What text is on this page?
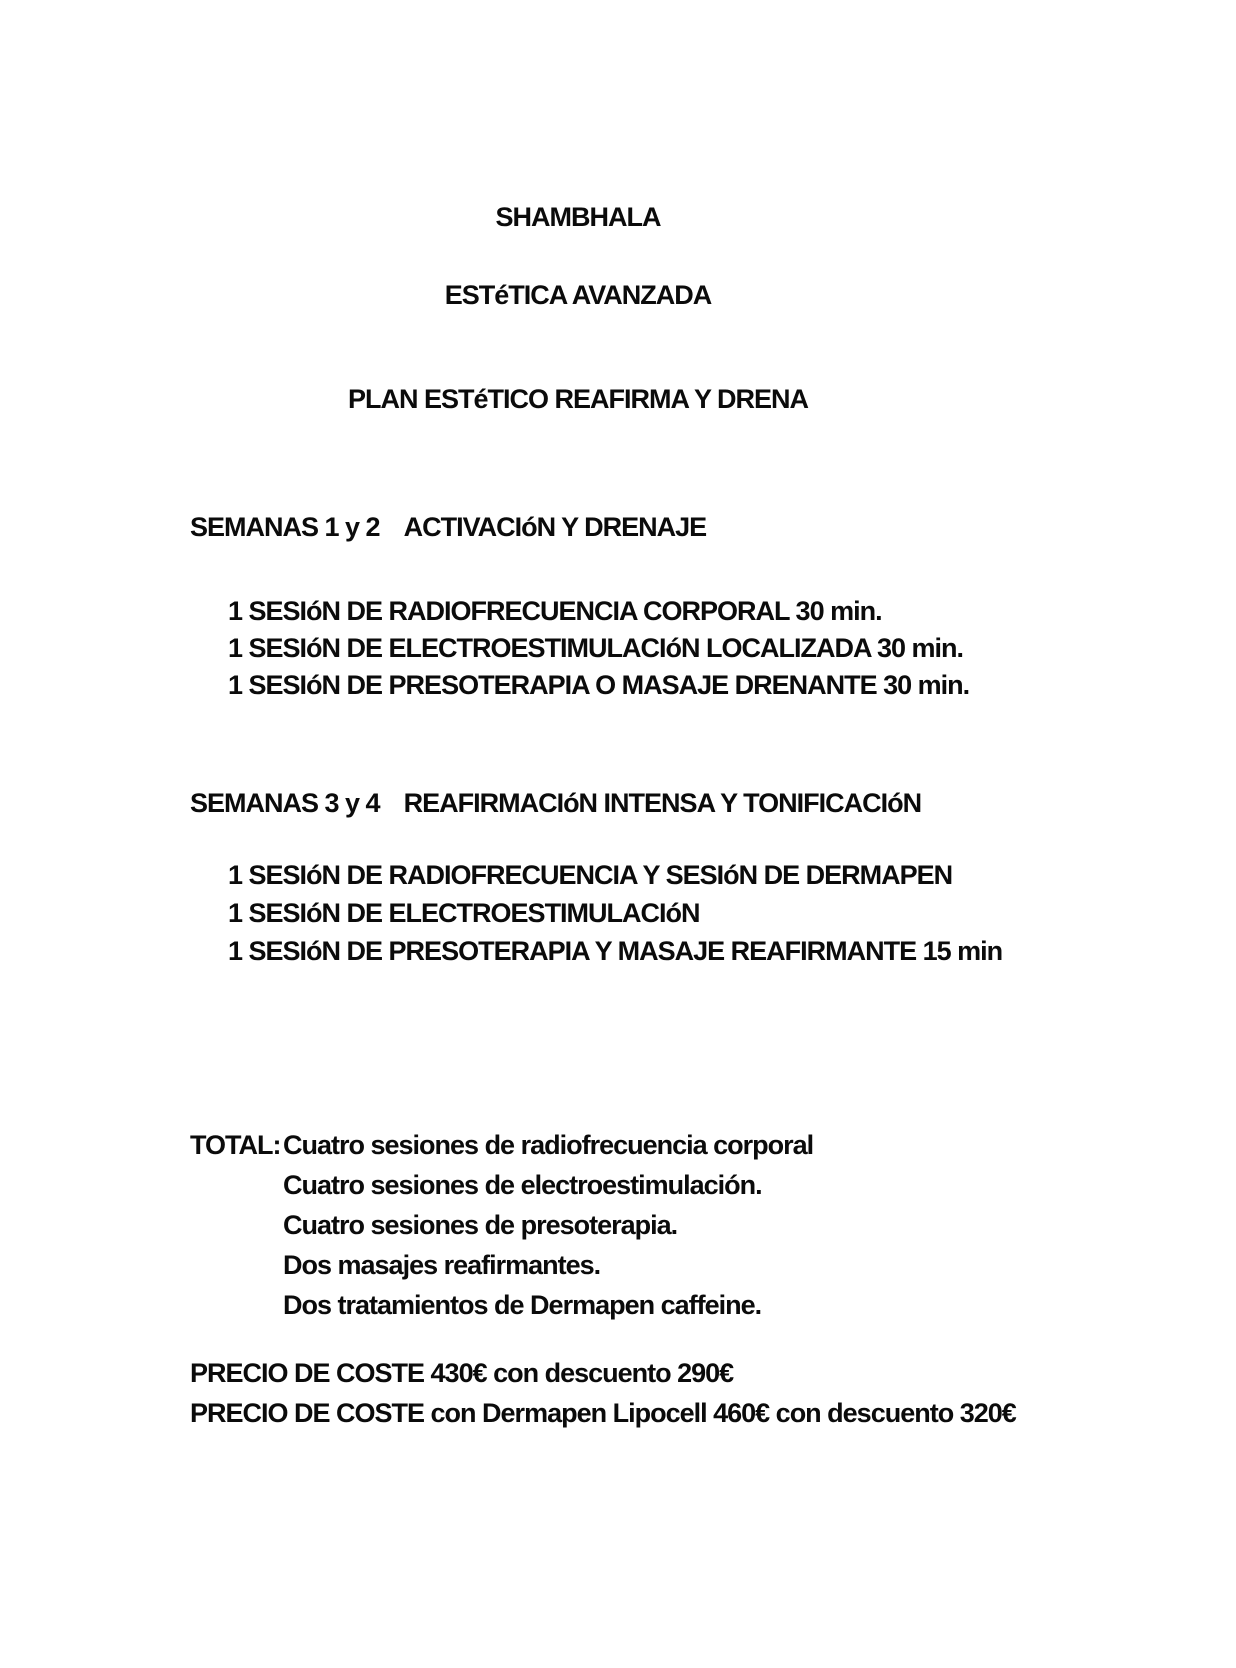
SHAMBHALA
ESTéTICA AVANZADA
PLAN ESTéTICO REAFIRMA Y DRENA
SEMANAS 1 y 2 ACTIVACIóN Y DRENAJE
1 SESIóN DE RADIOFRECUENCIA CORPORAL 30 min.
1 SESIóN DE ELECTROESTIMULACIóN LOCALIZADA 30 min.
1 SESIóN DE PRESOTERAPIA O MASAJE DRENANTE 30 min.
SEMANAS 3 y 4 REAFIRMACIóN INTENSA Y TONIFICACIóN
1 SESIóN DE RADIOFRECUENCIA Y SESIóN DE DERMAPEN
1 SESIóN DE ELECTROESTIMULACIóN
1 SESIóN DE PRESOTERAPIA Y MASAJE REAFIRMANTE 15 min
TOTAL:Cuatro sesiones de radiofrecuencia corporal
Cuatro sesiones de electroestimulación.
Cuatro sesiones de presoterapia.
Dos masajes reafirmantes.
Dos tratamientos de Dermapen caffeine.
PRECIO DE COSTE 430€ con descuento 290€
PRECIO DE COSTE con Dermapen Lipocell 460€ con descuento 320€
